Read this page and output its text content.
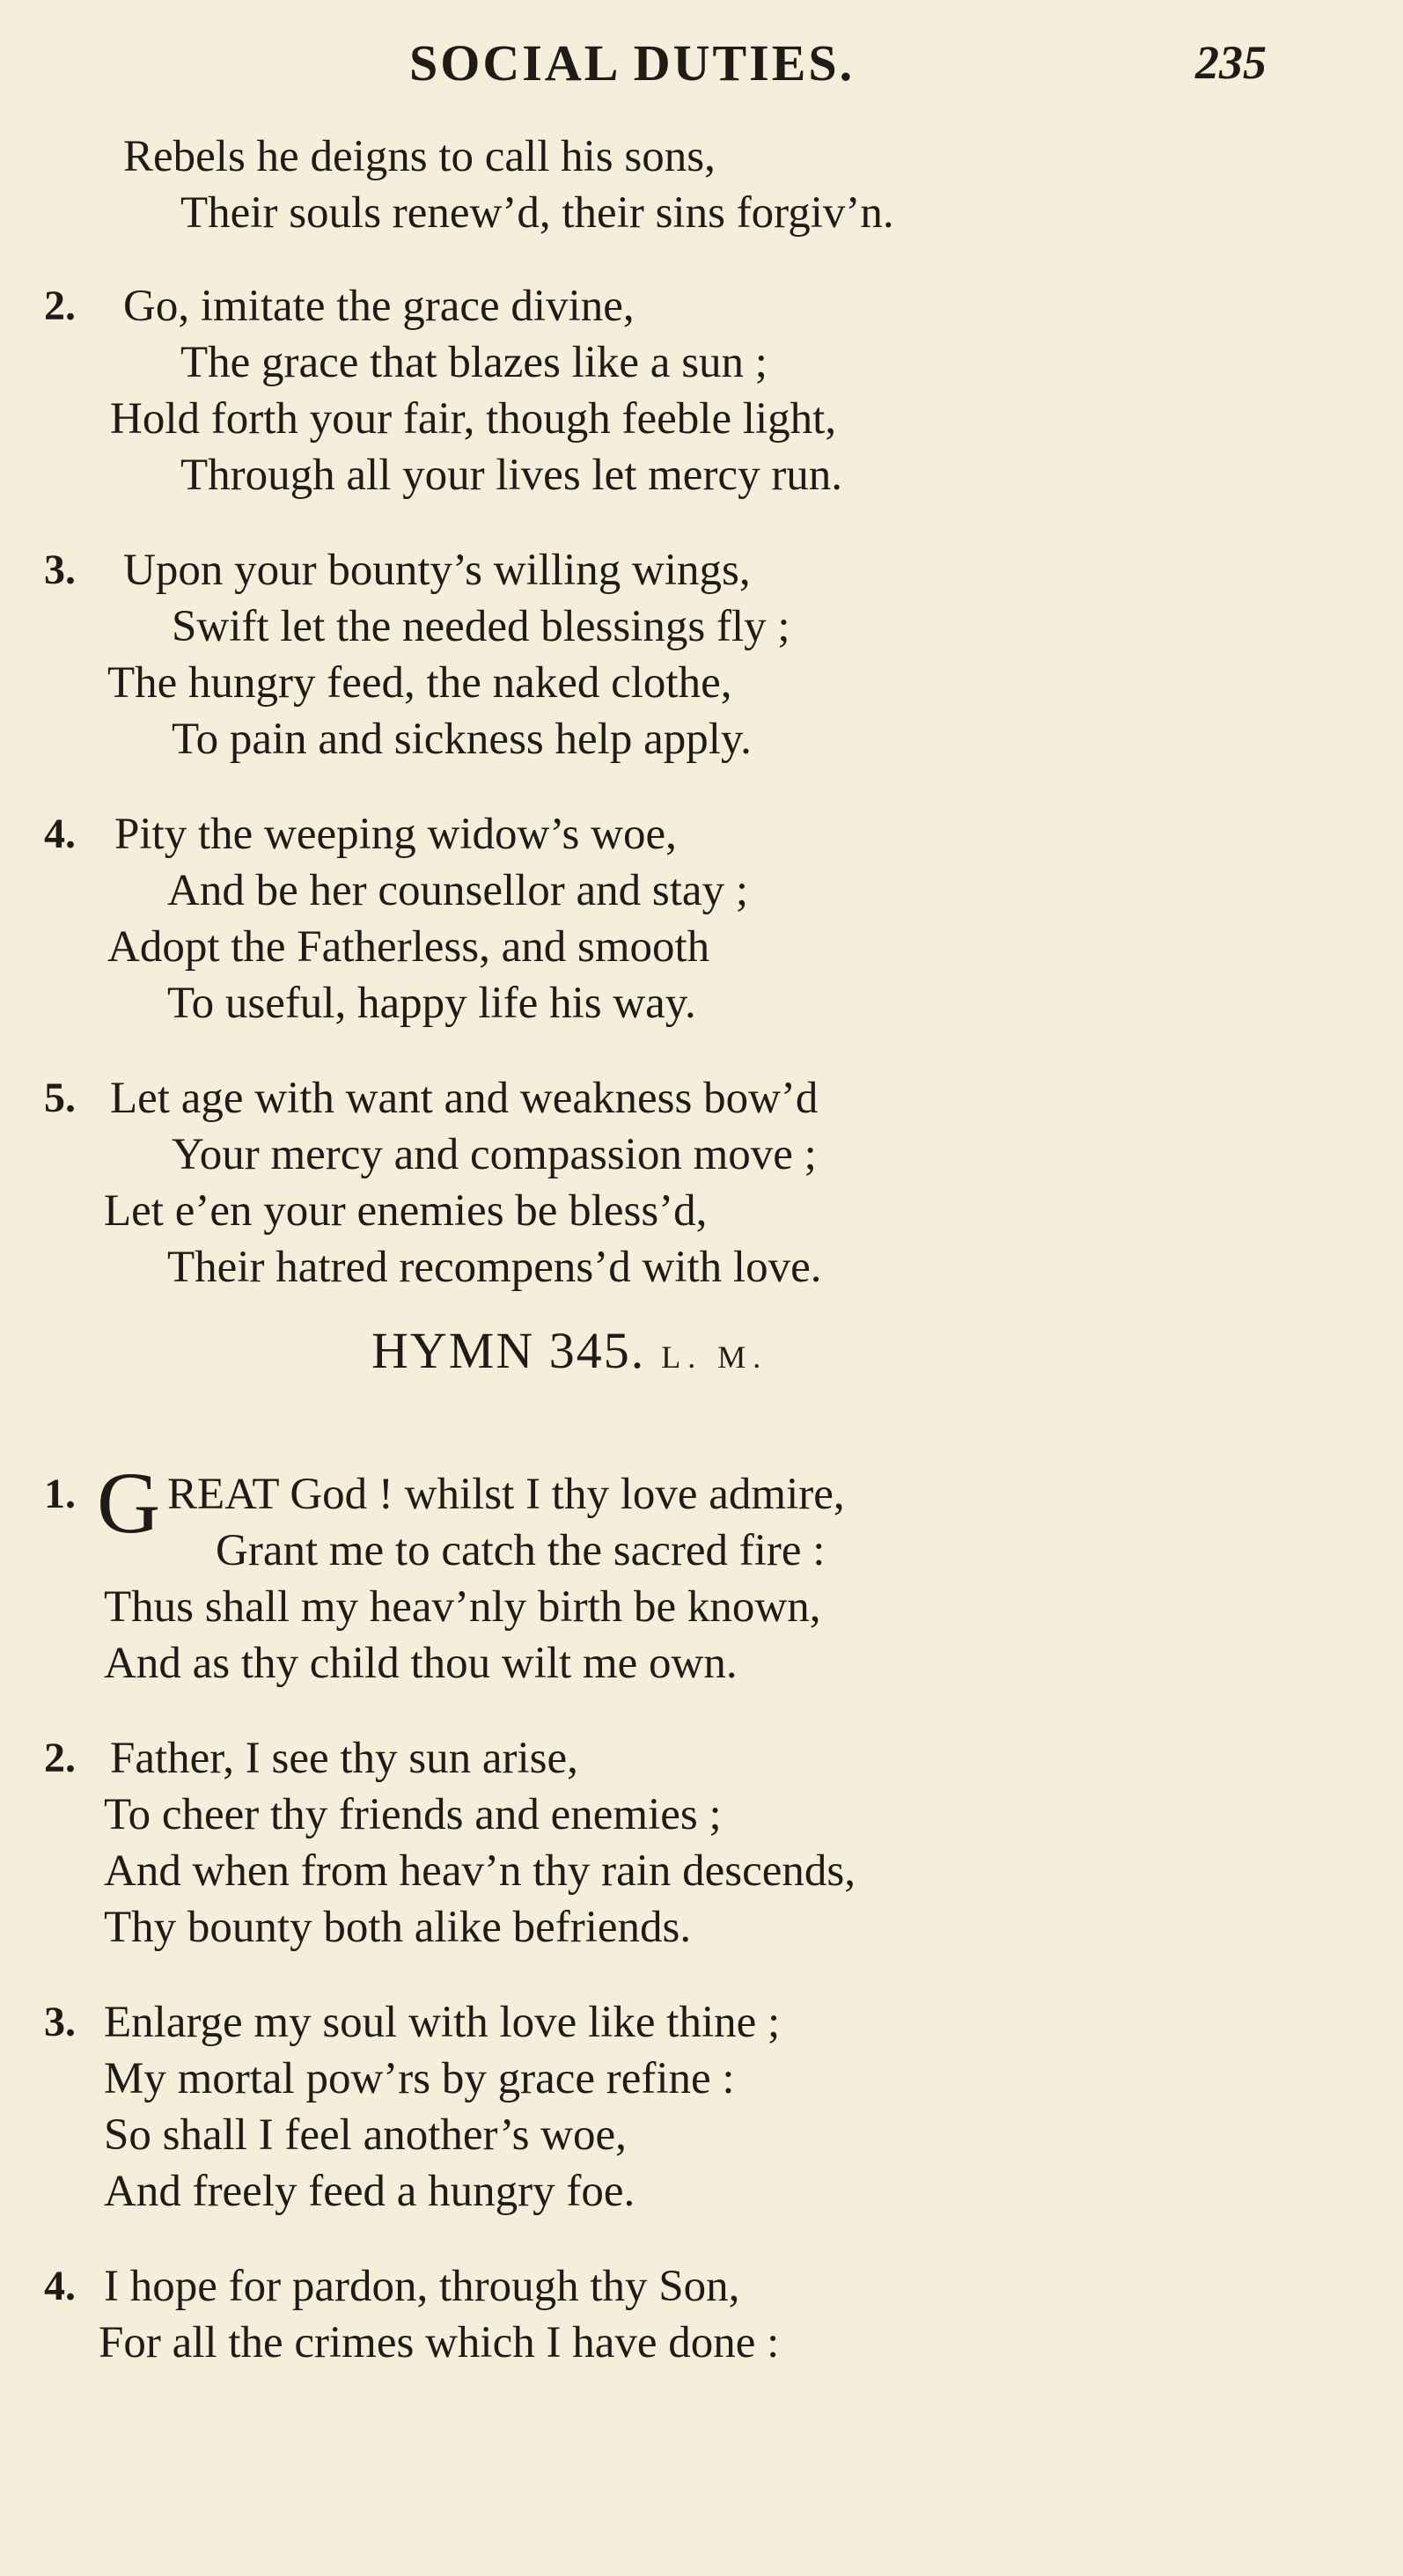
SOCIAL DUTIES.	235
Rebels he deigns to call his sons,
Their souls renew’d, their sins forgiv’n.
2. Go, imitate the grace divine,
The grace that blazes like a sun ;
Hold forth your fair, though feeble light,
Through all your lives let mercy run.
3. Upon your bounty’s willing wings,
Swift let the needed blessings fly ;
The hungry feed, the naked clothe,
To pain and sickness help apply.
4. Pity the weeping widow’s woe,
And be her counsellor and stay ;
Adopt the Fatherless, and smooth
To useful, happy life his way.
5. Let age with want and weakness bow’d
Your mercy and compassion move ;
Let e’en your enemies be bless’d,
Their hatred recompens’d with love.
HYMN 345. L. M.
1. G REAT God ! whilst I thy love admire,
Grant me to catch the sacred fire :
Thus shall my heav’nly birth be known,
And as thy child thou wilt me own.
2. Father, I see thy sun arise,
To cheer thy friends and enemies ;
And when from heav’n thy rain descends,
Thy bounty both alike befriends.
3. Enlarge my soul with love like thine ;
My mortal pow’rs by grace refine :
So shall I feel another’s woe,
And freely feed a hungry foe.
4. I hope for pardon, through thy Son,
For all the crimes which I have done :
